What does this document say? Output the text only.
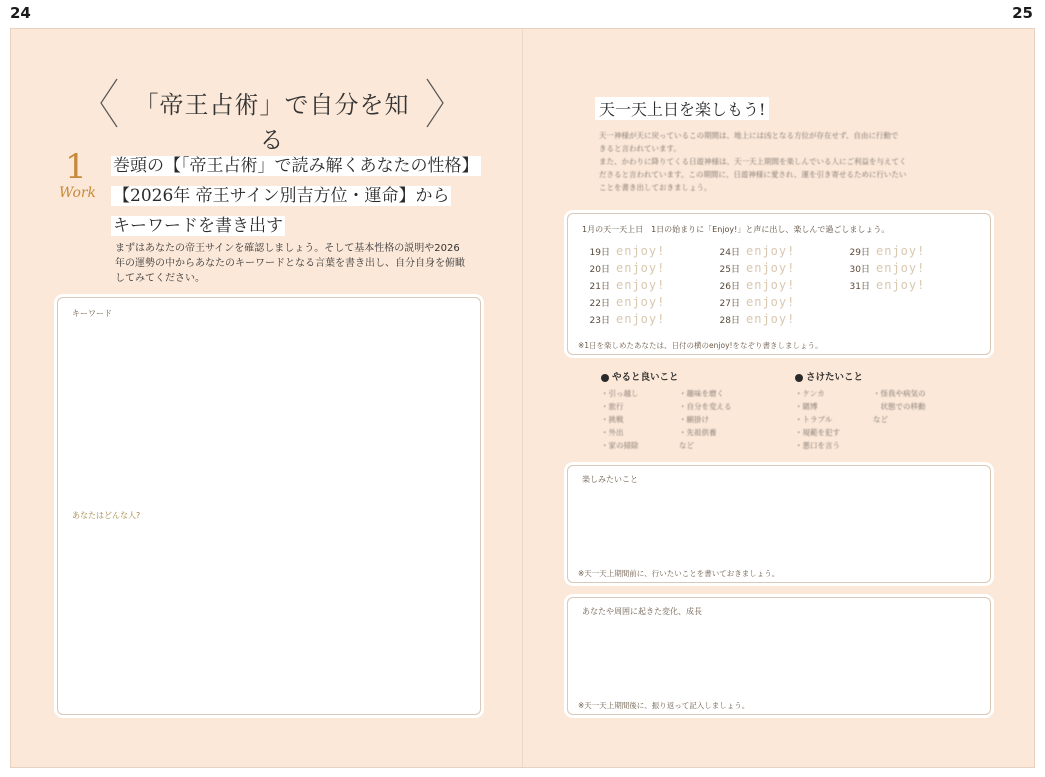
24	25
「帝王占術」で自分を知る
1
Work
巻頭の【「帝王占術」で読み解くあなたの性格】
【2026年 帝王サイン別吉方位・運命】から
キーワードを書き出す
まずはあなたの帝王サインを確認しましょう。そして基本性格の説明や2026
年の運勢の中からあなたのキーワードとなる言葉を書き出し、自分自身を俯瞰
してみてください。
キーワード
あなたはどんな人?
天一天上日を楽しもう!
天一神様が天に戻っているこの期間は、地上には凶となる方位が存在せず、自由に行動で
きると言われています。
また、かわりに降りてくる日遊神様は、天一天上期間を楽しんでいる人にご利益を与えてく
ださると言われています。この期間に、日遊神様に愛され、運を引き寄せるために行いたい
ことを書き出しておきましょう。
1月の天一天上日　1日の始まりに「Enjoy!」と声に出し、楽しんで過ごしましょう。
19日 enjoy!
20日 enjoy!
21日 enjoy!
22日 enjoy!
23日 enjoy!
24日 enjoy!
25日 enjoy!
26日 enjoy!
27日 enjoy!
28日 enjoy!
29日 enjoy!
30日 enjoy!
31日 enjoy!
※1日を楽しめたあなたは、日付の横のenjoy!をなぞり書きしましょう。
やると良いこと
・引っ越し
・旅行
・挑戦
・外出
・家の掃除
・趣味を磨く
・自分を変える
・願掛け
・先祖供養
など
さけたいこと
・ケンカ
・賭博
・トラブル
・規範を犯す
・悪口を言う
・怪我や病気の
　状態での移動
など
楽しみたいこと
※天一天上期間前に、行いたいことを書いておきましょう。
あなたや周囲に起きた変化、成長
※天一天上期間後に、振り返って記入しましょう。
